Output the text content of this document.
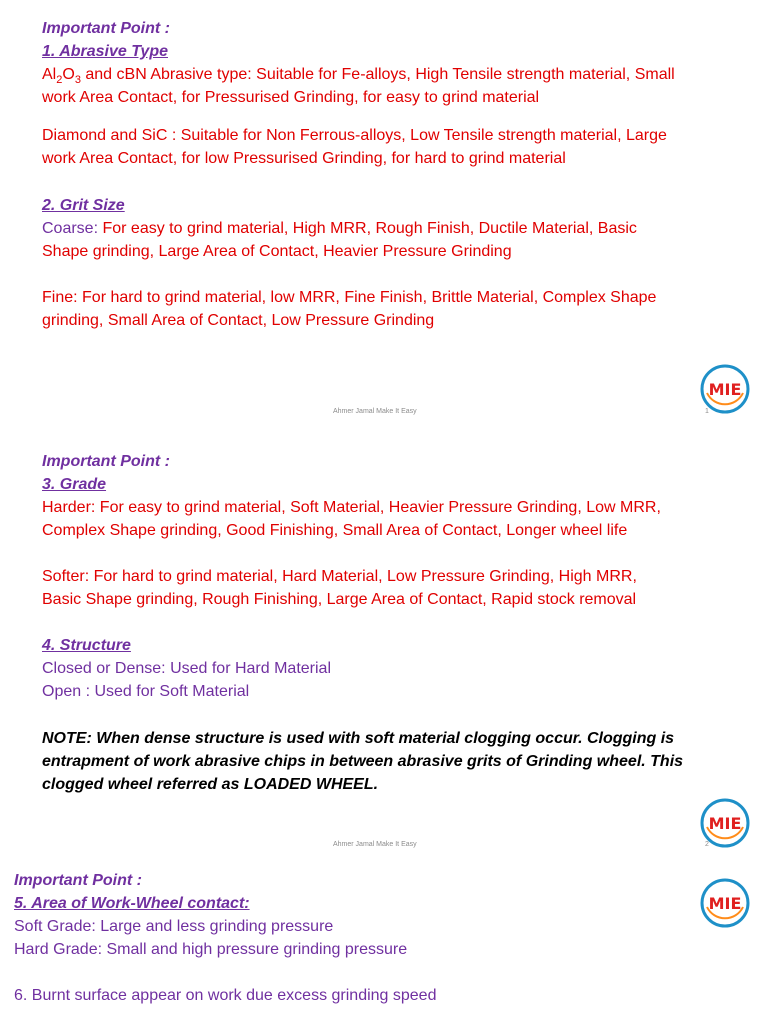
Important Point :

1. Abrasive Type

$Al_2O_3$ and cBN Abrasive type: Suitable for Fe-alloys, High Tensile strength material, Small

work Area Contact, for Pressurised Grinding, for easy to grind material

Diamond and SiC : Suitable for Non Ferrous-alloys, Low Tensile strength material, Large

work Area Contact, for low Pressurised Grinding, for hard to grind material

2. Grit Size

Coarse: For easy to grind material, High MRR, Rough Finish, Ductile Material, Basic

Shape grinding, Large Area of Contact, Heavier Pressure Grinding

Fine: For hard to grind material, low MRR, Fine Finish, Brittle Material, Complex Shape

grinding, Small Area of Contact, Low Pressure Grinding

MIE
Ahmer Jamal Make It Easy	1

Important Point :

3. Grade

Harder: For easy to grind material, Soft Material, Heavier Pressure Grinding, Low MRR,

Complex Shape grinding, Good Finishing, Small Area of Contact, Longer wheel life

Softer: For hard to grind material, Hard Material, Low Pressure Grinding, High MRR,

Basic Shape grinding, Rough Finishing, Large Area of Contact, Rapid stock removal

4. Structure

Closed or Dense: Used for Hard Material

Open : Used for Soft Material

NOTE: When dense structure is used with soft material clogging occur. Clogging is

entrapment of work abrasive chips in between abrasive grits of Grinding wheel. This

clogged wheel referred as LOADED WHEEL.

MIE
Ahmer Jamal Make It Easy	2

Important Point :

5. Area of Work-Wheel contact:

Soft Grade: Large and less grinding pressure

Hard Grade: Small and high pressure grinding pressure

6. Burnt surface appear on work due excess grinding speed

MIE
